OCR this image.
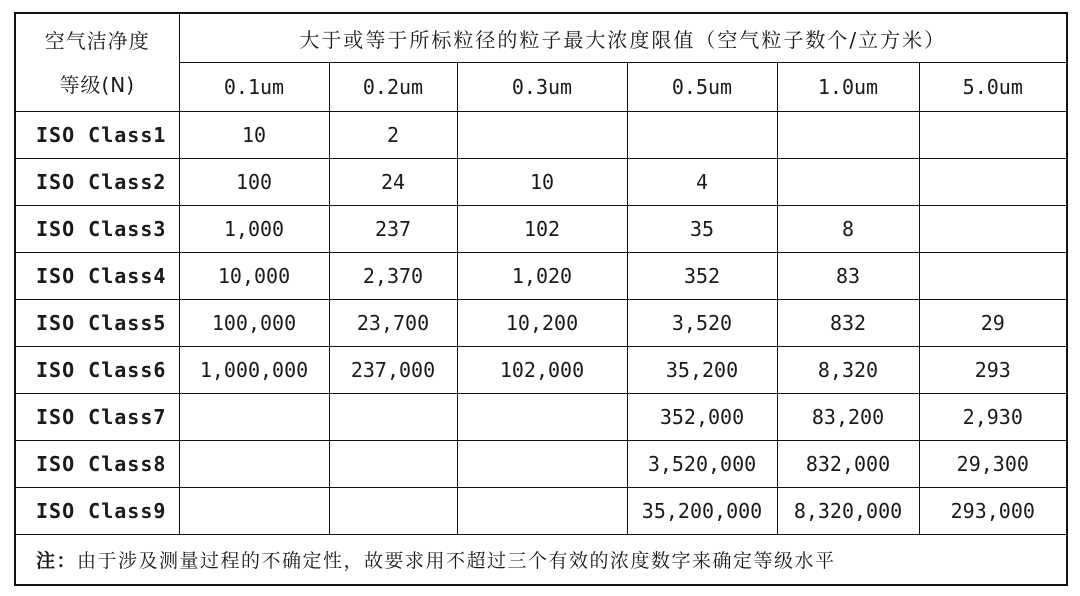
空气洁净度
等级(N)	大于或等于所标粒径的粒子最大浓度限值（空气粒子数个/立方米）					
	0.1um	0.2um	0.3um	0.5um	1.0um	5.0um
ISO Class1	10	2				
ISO Class2	100	24	10	4		
ISO Class3	1,000	237	102	35	8	
ISO Class4	10,000	2,370	1,020	352	83	
ISO Class5	100,000	23,700	10,200	3,520	832	29
ISO Class6	1,000,000	237,000	102,000	35,200	8,320	293
ISO Class7				352,000	83,200	2,930
ISO Class8				3,520,000	832,000	29,300
ISO Class9				35,200,000	8,320,000	293,000
注：由于涉及测量过程的不确定性，故要求用不超过三个有效的浓度数字来确定等级水平						
